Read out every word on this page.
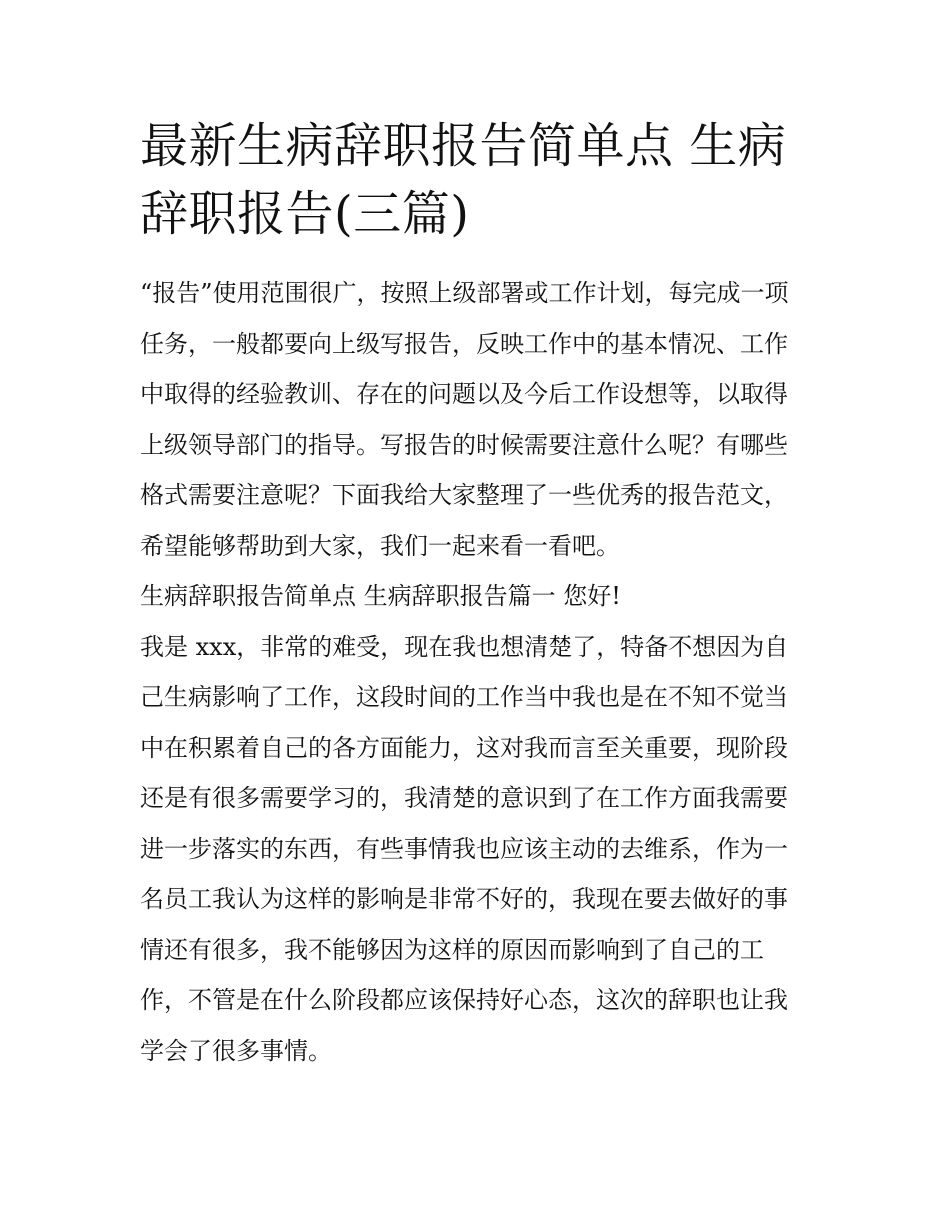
最新生病辞职报告简单点 生病
辞职报告(三篇)

“报告”使用范围很广，按照上级部署或工作计划，每完成一项
任务，一般都要向上级写报告，反映工作中的基本情况、工作
中取得的经验教训、存在的问题以及今后工作设想等，以取得
上级领导部门的指导。写报告的时候需要注意什么呢？有哪些
格式需要注意呢？下面我给大家整理了一些优秀的报告范文，
希望能够帮助到大家，我们一起来看一看吧。

生病辞职报告简单点 生病辞职报告篇一 您好!

我是 xxx，非常的难受，现在我也想清楚了，特备不想因为自
己生病影响了工作，这段时间的工作当中我也是在不知不觉当
中在积累着自己的各方面能力，这对我而言至关重要，现阶段
还是有很多需要学习的，我清楚的意识到了在工作方面我需要
进一步落实的东西，有些事情我也应该主动的去维系，作为一
名员工我认为这样的影响是非常不好的，我现在要去做好的事
情还有很多，我不能够因为这样的原因而影响到了自己的工
作，不管是在什么阶段都应该保持好心态，这次的辞职也让我
学会了很多事情。
